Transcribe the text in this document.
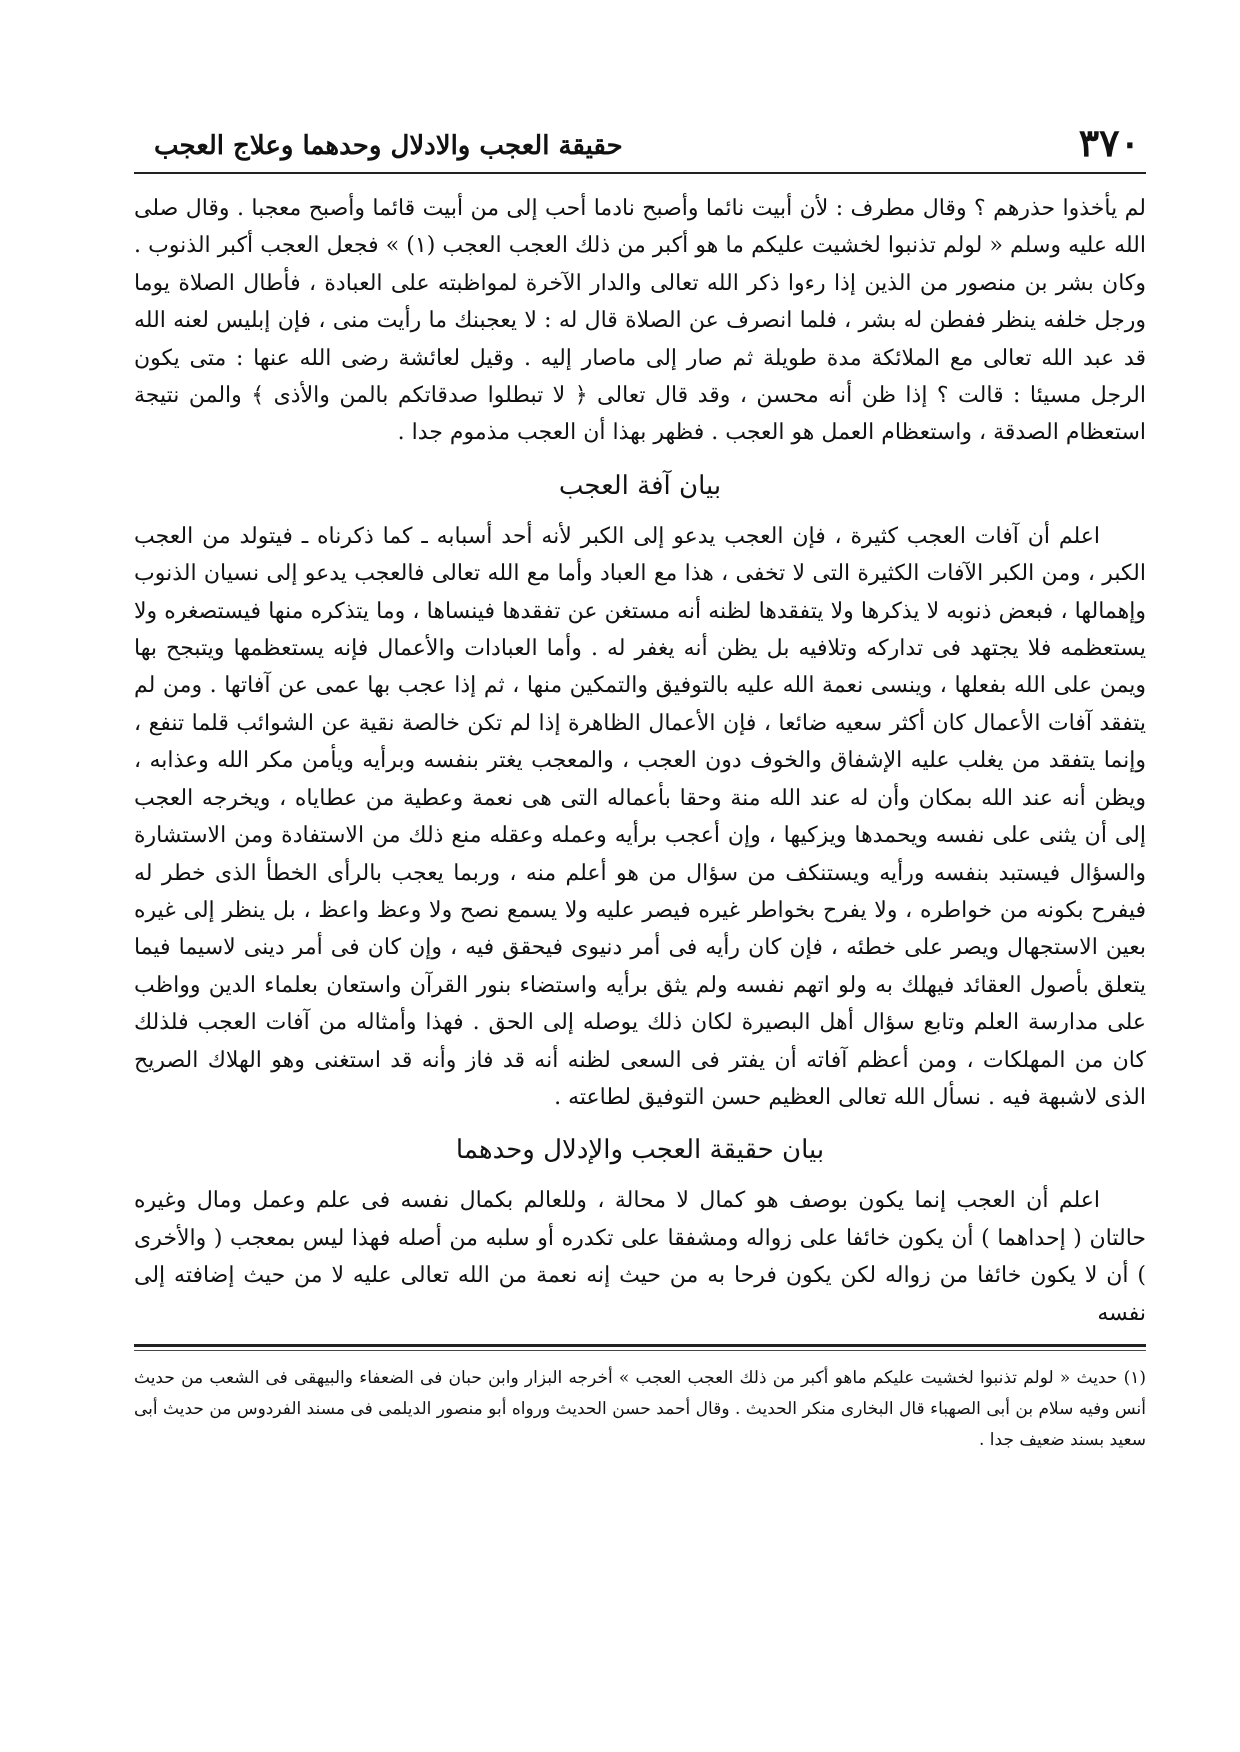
٣٧٠
حقيقة العجب والادلال وحدهما وعلاج العجب

لم يأخذوا حذرهم ؟ وقال مطرف : لأن أبيت نائما وأصبح نادما أحب إلى من أبيت قائما وأصبح معجبا . وقال صلى الله عليه وسلم « لولم تذنبوا لخشيت عليكم ما هو أكبر من ذلك العجب العجب (١) » فجعل العجب أكبر الذنوب . وكان بشر بن منصور من الذين إذا رءوا ذكر الله تعالى والدار الآخرة لمواظبته على العبادة ، فأطال الصلاة يوما ورجل خلفه ينظر ففطن له بشر ، فلما انصرف عن الصلاة قال له : لا يعجبنك ما رأيت منى ، فإن إبليس لعنه الله قد عبد الله تعالى مع الملائكة مدة طويلة ثم صار إلى ماصار إليه . وقيل لعائشة رضى الله عنها : متى يكون الرجل مسيئا : قالت ؟ إذا ظن أنه محسن ، وقد قال تعالى ﴿ لا تبطلوا صدقاتكم بالمن والأذى ﴾ والمن نتيجة استعظام الصدقة ، واستعظام العمل هو العجب . فظهر بهذا أن العجب مذموم جدا .

بيان آفة العجب

اعلم أن آفات العجب كثيرة ، فإن العجب يدعو إلى الكبر لأنه أحد أسبابه ـ كما ذكرناه ـ فيتولد من العجب الكبر ، ومن الكبر الآفات الكثيرة التى لا تخفى ، هذا مع العباد وأما مع الله تعالى فالعجب يدعو إلى نسيان الذنوب وإهمالها ، فبعض ذنوبه لا يذكرها ولا يتفقدها لظنه أنه مستغن عن تفقدها فينساها ، وما يتذكره منها فيستصغره ولا يستعظمه فلا يجتهد فى تداركه وتلافيه بل يظن أنه يغفر له . وأما العبادات والأعمال فإنه يستعظمها ويتبجح بها ويمن على الله بفعلها ، وينسى نعمة الله عليه بالتوفيق والتمكين منها ، ثم إذا عجب بها عمى عن آفاتها . ومن لم يتفقد آفات الأعمال كان أكثر سعيه ضائعا ، فإن الأعمال الظاهرة إذا لم تكن خالصة نقية عن الشوائب قلما تنفع ، وإنما يتفقد من يغلب عليه الإشفاق والخوف دون العجب ، والمعجب يغتر بنفسه وبرأيه ويأمن مكر الله وعذابه ، ويظن أنه عند الله بمكان وأن له عند الله منة وحقا بأعماله التى هى نعمة وعطية من عطاياه ، ويخرجه العجب إلى أن يثنى على نفسه ويحمدها ويزكيها ، وإن أعجب برأيه وعمله وعقله منع ذلك من الاستفادة ومن الاستشارة والسؤال فيستبد بنفسه ورأيه ويستنكف من سؤال من هو أعلم منه ، وربما يعجب بالرأى الخطأ الذى خطر له فيفرح بكونه من خواطره ، ولا يفرح بخواطر غيره فيصر عليه ولا يسمع نصح ولا وعظ واعظ ، بل ينظر إلى غيره بعين الاستجهال ويصر على خطئه ، فإن كان رأيه فى أمر دنيوى فيحقق فيه ، وإن كان فى أمر دينى لاسيما فيما يتعلق بأصول العقائد فيهلك به ولو اتهم نفسه ولم يثق برأيه واستضاء بنور القرآن واستعان بعلماء الدين وواظب على مدارسة العلم وتابع سؤال أهل البصيرة لكان ذلك يوصله إلى الحق . فهذا وأمثاله من آفات العجب فلذلك كان من المهلكات ، ومن أعظم آفاته أن يفتر فى السعى لظنه أنه قد فاز وأنه قد استغنى وهو الهلاك الصريح الذى لاشبهة فيه . نسأل الله تعالى العظيم حسن التوفيق لطاعته .

بيان حقيقة العجب والإدلال وحدهما

اعلم أن العجب إنما يكون بوصف هو كمال لا محالة ، وللعالم بكمال نفسه فى علم وعمل ومال وغيره حالتان ( إحداهما ) أن يكون خائفا على زواله ومشفقا على تكدره أو سلبه من أصله فهذا ليس بمعجب ( والأخرى ) أن لا يكون خائفا من زواله لكن يكون فرحا به من حيث إنه نعمة من الله تعالى عليه لا من حيث إضافته إلى نفسه

(١) حديث « لولم تذنبوا لخشيت عليكم ماهو أكبر من ذلك العجب العجب » أخرجه البزار وابن حبان فى الضعفاء والبيهقى فى الشعب من حديث أنس وفيه سلام بن أبى الصهباء قال البخارى منكر الحديث . وقال أحمد حسن الحديث ورواه أبو منصور الديلمى فى مسند الفردوس من حديث أبى سعيد بسند ضعيف جدا .
